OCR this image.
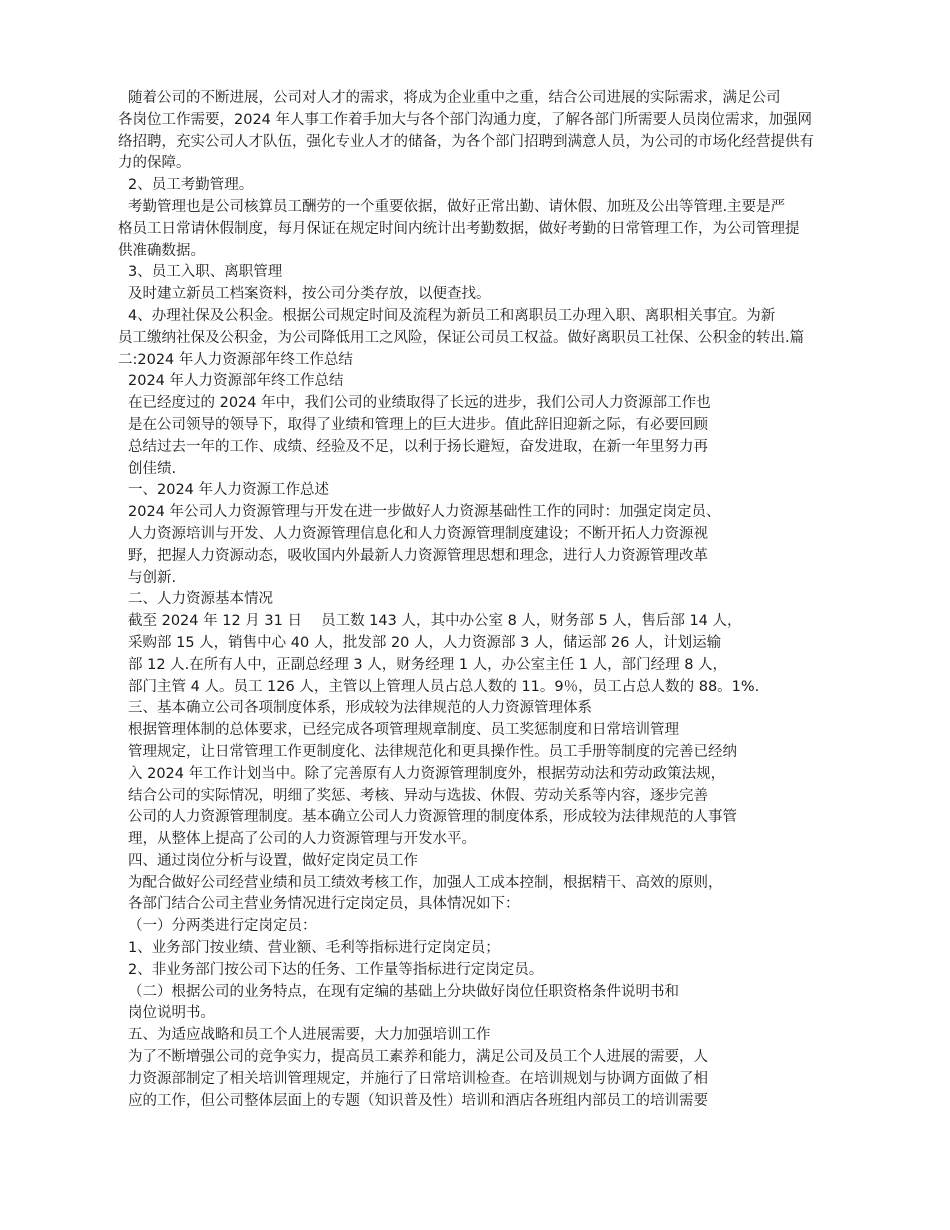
随着公司的不断进展，公司对人才的需求，将成为企业重中之重，结合公司进展的实际需求，满足公司
各岗位工作需要，2024 年人事工作着手加大与各个部门沟通力度，了解各部门所需要人员岗位需求，加强网
络招聘，充实公司人才队伍，强化专业人才的储备，为各个部门招聘到满意人员，为公司的市场化经营提供有
力的保障。
2、员工考勤管理。
考勤管理也是公司核算员工酬劳的一个重要依据，做好正常出勤、请休假、加班及公出等管理.主要是严
格员工日常请休假制度，每月保证在规定时间内统计出考勤数据，做好考勤的日常管理工作，为公司管理提
供准确数据。
3、员工入职、离职管理
及时建立新员工档案资料，按公司分类存放，以便查找。
4、办理社保及公积金。根据公司规定时间及流程为新员工和离职员工办理入职、离职相关事宜。为新
员工缴纳社保及公积金，为公司降低用工之风险，保证公司员工权益。做好离职员工社保、公积金的转出.篇
二:2024 年人力资源部年终工作总结
2024 年人力资源部年终工作总结
在已经度过的 2024 年中，我们公司的业绩取得了长远的进步，我们公司人力资源部工作也
是在公司领导的领导下，取得了业绩和管理上的巨大进步。值此辞旧迎新之际，有必要回顾
总结过去一年的工作、成绩、经验及不足，以利于扬长避短，奋发进取，在新一年里努力再
创佳绩.
一、2024 年人力资源工作总述
2024 年公司人力资源管理与开发在进一步做好人力资源基础性工作的同时：加强定岗定员、
人力资源培训与开发、人力资源管理信息化和人力资源管理制度建设；不断开拓人力资源视
野，把握人力资源动态，吸收国内外最新人力资源管理思想和理念，进行人力资源管理改革
与创新.
二、人力资源基本情况
截至 2024 年 12 月 31 日　 员工数 143 人，其中办公室 8 人，财务部 5 人，售后部 14 人，
采购部 15 人，销售中心 40 人，批发部 20 人，人力资源部 3 人，储运部 26 人，计划运输
部 12 人.在所有人中，正副总经理 3 人，财务经理 1 人，办公室主任 1 人，部门经理 8 人，
部门主管 4 人。员工 126 人，主管以上管理人员占总人数的 11。9％，员工占总人数的 88。1%.
三、基本确立公司各项制度体系，形成较为法律规范的人力资源管理体系
根据管理体制的总体要求，已经完成各项管理规章制度、员工奖惩制度和日常培训管理
管理规定，让日常管理工作更制度化、法律规范化和更具操作性。员工手册等制度的完善已经纳
入 2024 年工作计划当中。除了完善原有人力资源管理制度外，根据劳动法和劳动政策法规，
结合公司的实际情况，明细了奖惩、考核、异动与选拔、休假、劳动关系等内容，逐步完善
公司的人力资源管理制度。基本确立公司人力资源管理的制度体系，形成较为法律规范的人事管
理，从整体上提高了公司的人力资源管理与开发水平。
四、通过岗位分析与设置，做好定岗定员工作
为配合做好公司经营业绩和员工绩效考核工作，加强人工成本控制，根据精干、高效的原则，
各部门结合公司主营业务情况进行定岗定员，具体情况如下：
（一）分两类进行定岗定员：
1、业务部门按业绩、营业额、毛利等指标进行定岗定员；
2、非业务部门按公司下达的任务、工作量等指标进行定岗定员。
（二）根据公司的业务特点，在现有定编的基础上分块做好岗位任职资格条件说明书和
岗位说明书。
五、为适应战略和员工个人进展需要，大力加强培训工作
为了不断增强公司的竞争实力，提高员工素养和能力，满足公司及员工个人进展的需要，人
力资源部制定了相关培训管理规定，并施行了日常培训检查。在培训规划与协调方面做了相
应的工作，但公司整体层面上的专题（知识普及性）培训和酒店各班组内部员工的培训需要
